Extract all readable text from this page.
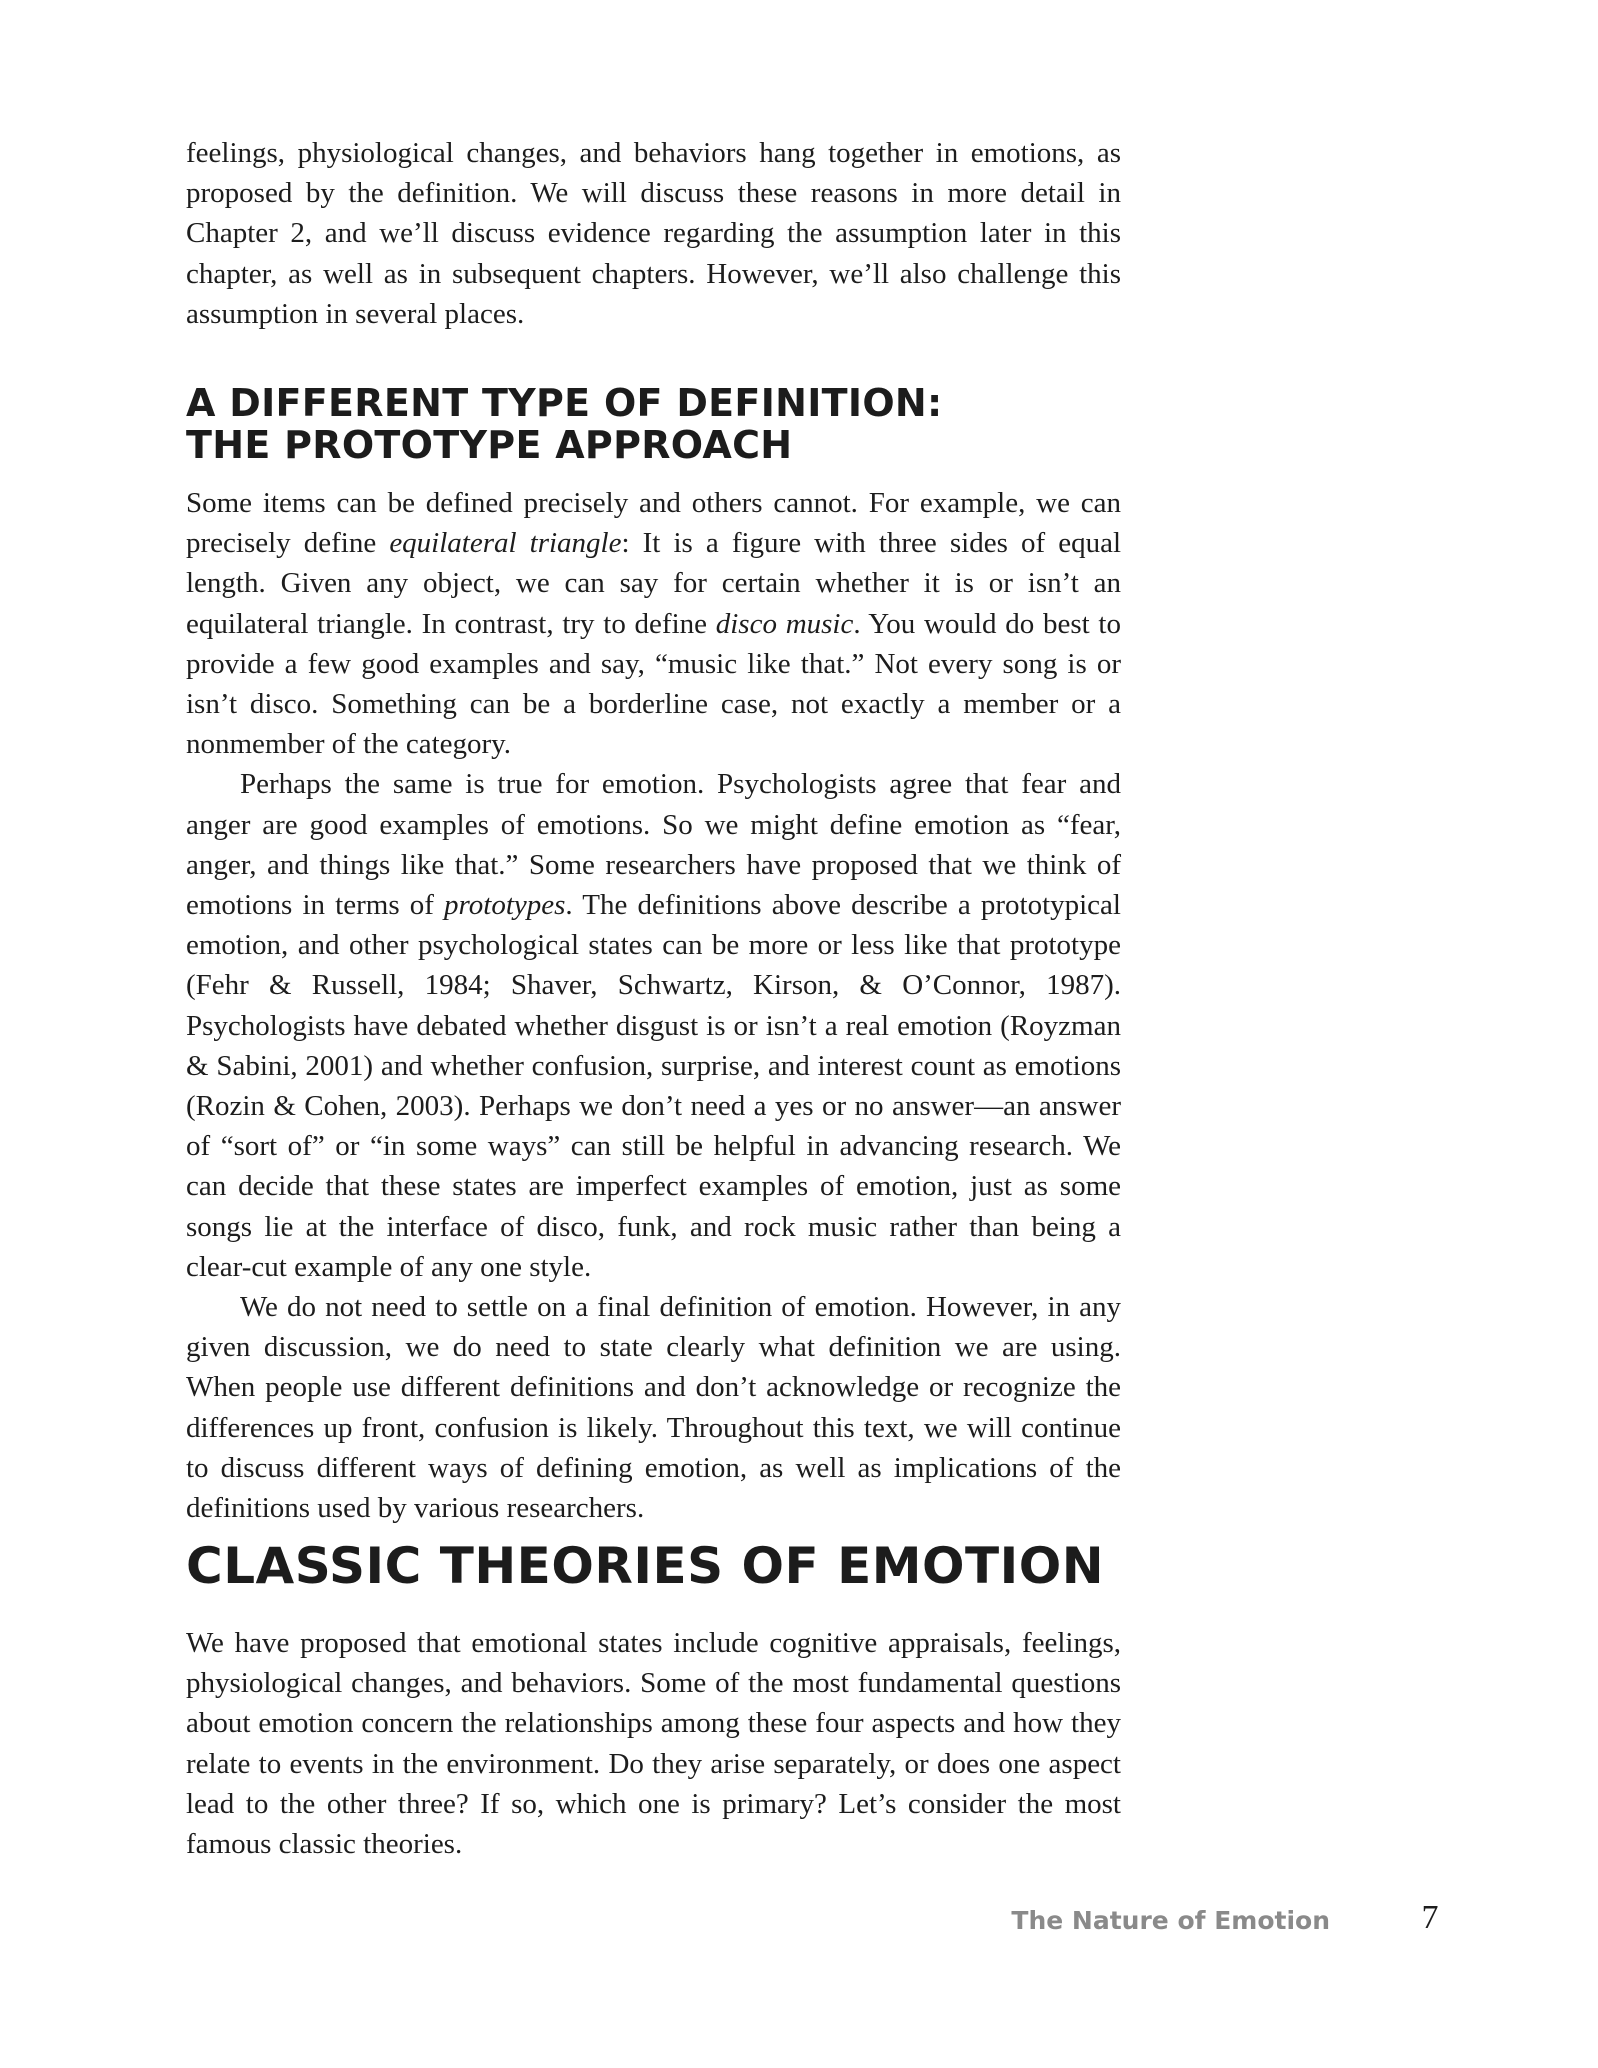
feelings, physiological changes, and behaviors hang together in emotions, as proposed by the definition. We will discuss these reasons in more detail in Chapter 2, and we’ll discuss evidence regarding the assumption later in this chapter, as well as in subsequent chapters. However, we’ll also challenge this assumption in several places.

A DIFFERENT TYPE OF DEFINITION:
THE PROTOTYPE APPROACH

Some items can be defined precisely and others cannot. For example, we can precisely define equilateral triangle: It is a figure with three sides of equal length. Given any object, we can say for certain whether it is or isn’t an equilateral triangle. In contrast, try to define disco music. You would do best to provide a few good examples and say, “music like that.” Not every song is or isn’t disco. Something can be a borderline case, not exactly a member or a nonmember of the category.

Perhaps the same is true for emotion. Psychologists agree that fear and anger are good examples of emotions. So we might define emotion as “fear, anger, and things like that.” Some researchers have proposed that we think of emotions in terms of prototypes. The definitions above describe a prototypical emotion, and other psychological states can be more or less like that prototype (Fehr & Russell, 1984; Shaver, Schwartz, Kirson, & O’Connor, 1987). Psychologists have debated whether disgust is or isn’t a real emotion (Royzman & Sabini, 2001) and whether confusion, surprise, and interest count as emotions (Rozin & Cohen, 2003). Perhaps we don’t need a yes or no answer—an answer of “sort of” or “in some ways” can still be helpful in advancing research. We can decide that these states are imperfect examples of emotion, just as some songs lie at the interface of disco, funk, and rock music rather than being a clear-cut example of any one style.

We do not need to settle on a final definition of emotion. However, in any given discussion, we do need to state clearly what definition we are using. When people use different definitions and don’t acknowledge or recognize the differences up front, confusion is likely. Throughout this text, we will continue to discuss different ways of defining emotion, as well as implications of the definitions used by various researchers.

CLASSIC THEORIES OF EMOTION

We have proposed that emotional states include cognitive appraisals, feelings, physiological changes, and behaviors. Some of the most fundamental questions about emotion concern the relationships among these four aspects and how they relate to events in the environment. Do they arise separately, or does one aspect lead to the other three? If so, which one is primary? Let’s consider the most famous classic theories.

The Nature of Emotion	7
